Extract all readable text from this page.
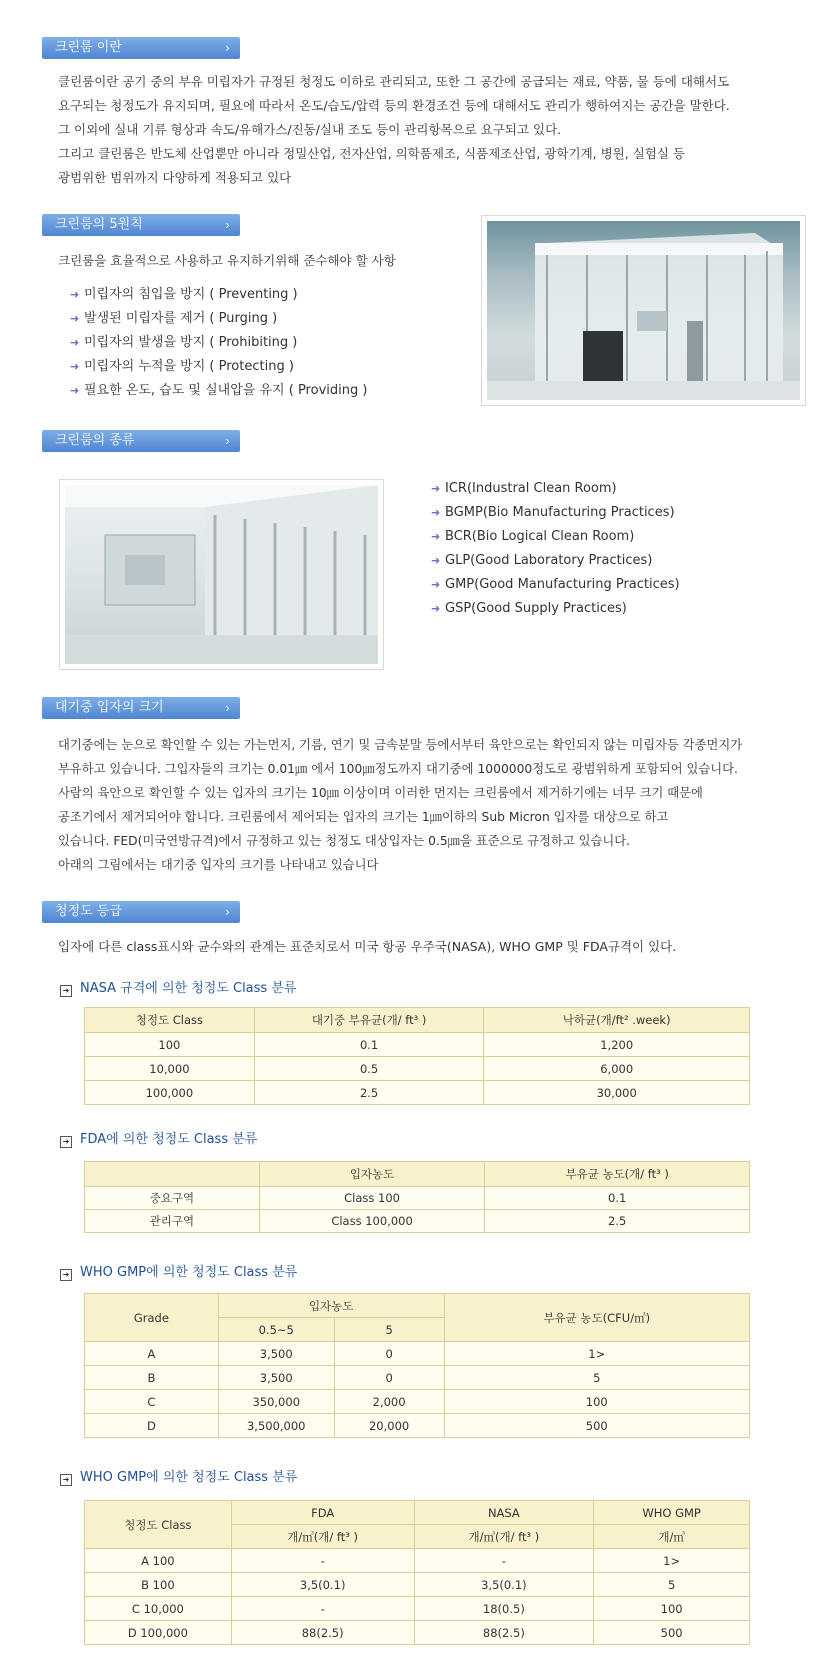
크린룸 이란	›
클린룸이란 공기 중의 부유 미립자가 규정된 청정도 이하로 관리되고, 또한 그 공간에 공급되는 재료, 약품, 물 등에 대해서도
요구되는 청정도가 유지되며, 필요에 따라서 온도/습도/압력 등의 환경조건 등에 대해서도 관리가 행하여지는 공간을 말한다.
그 이외에 실내 기류 형상과 속도/유해가스/진동/실내 조도 등이 관리항목으로 요구되고 있다.
그리고 클린룸은 반도체 산업뿐만 아니라 정밀산업, 전자산업, 의학품제조, 식품제조산업, 광학기계, 병원, 실험실 등
광범위한 범위까지 다양하게 적용되고 있다
크린룸의 5원칙	›
크린룸을 효율적으로 사용하고 유지하기위해 준수해야 할 사항
➜ 미립자의 침입을 방지 ( Preventing )
➜ 발생된 미립자를 제거 ( Purging )
➜ 미립자의 발생을 방지 ( Prohibiting )
➜ 미립자의 누적을 방지 ( Protecting )
➜ 필요한 온도, 습도 및 실내압을 유지 ( Providing )
크린룸의 종류	›
➜ ICR(Industral Clean Room)
➜ BGMP(Bio Manufacturing Practices)
➜ BCR(Bio Logical Clean Room)
➜ GLP(Good Laboratory Practices)
➜ GMP(Good Manufacturing Practices)
➜ GSP(Good Supply Practices)
대기중 입자의 크기	›
대기중에는 눈으로 확인할 수 있는 가는먼지, 기름, 연기 및 금속분말 등에서부터 육안으로는 확인되지 않는 미립자등 각종먼지가
부유하고 있습니다. 그입자들의 크기는 0.01㎛ 에서 100㎛정도까지 대기중에 1000000정도로 광범위하게 포함되어 있습니다.
사람의 육안으로 확인할 수 있는 입자의 크기는 10㎛ 이상이며 이러한 먼지는 크린룸에서 제거하기에는 너무 크기 때문에
공조기에서 제거되어야 합니다. 크린룸에서 제어되는 입자의 크기는 1㎛이하의 Sub Micron 입자를 대상으로 하고
있습니다. FED(미국연방규격)에서 규정하고 있는 청정도 대상입자는 0.5㎛을 표준으로 규정하고 있습니다.
아래의 그림에서는 대기중 입자의 크기를 나타내고 있습니다
청정도 등급	›
입자에 다른 class표시와 균수와의 관계는 표준치로서 미국 항공 우주국(NASA), WHO GMP 및 FDA규격이 있다.
➜ NASA 규격에 의한 청정도 Class 분류
청정도 Class	대기중 부유균(개/ ft³ )	낙하균(개/ft² .week)
100	0.1	1,200
10,000	0.5	6,000
100,000	2.5	30,000
➜ FDA에 의한 청정도 Class 분류
	입자농도	부유균 농도(개/ ft³ )
중요구역	Class 100	0.1
관리구역	Class 100,000	2.5
➜ WHO GMP에 의한 청정도 Class 분류
Grade	입자농도		부유균 농도(CFU/㎥)
	0.5~5	5	
A	3,500	0	1>
B	3,500	0	5
C	350,000	2,000	100
D	3,500,000	20,000	500
➜ WHO GMP에 의한 청정도 Class 분류
청정도 Class	FDA	NASA	WHO GMP
	개/㎥(개/ ft³ )	개/㎥(개/ ft³ )	개/㎥
A 100	-	-	1>
B 100	3,5(0.1)	3,5(0.1)	5
C 10,000	-	18(0.5)	100
D 100,000	88(2.5)	88(2.5)	500
